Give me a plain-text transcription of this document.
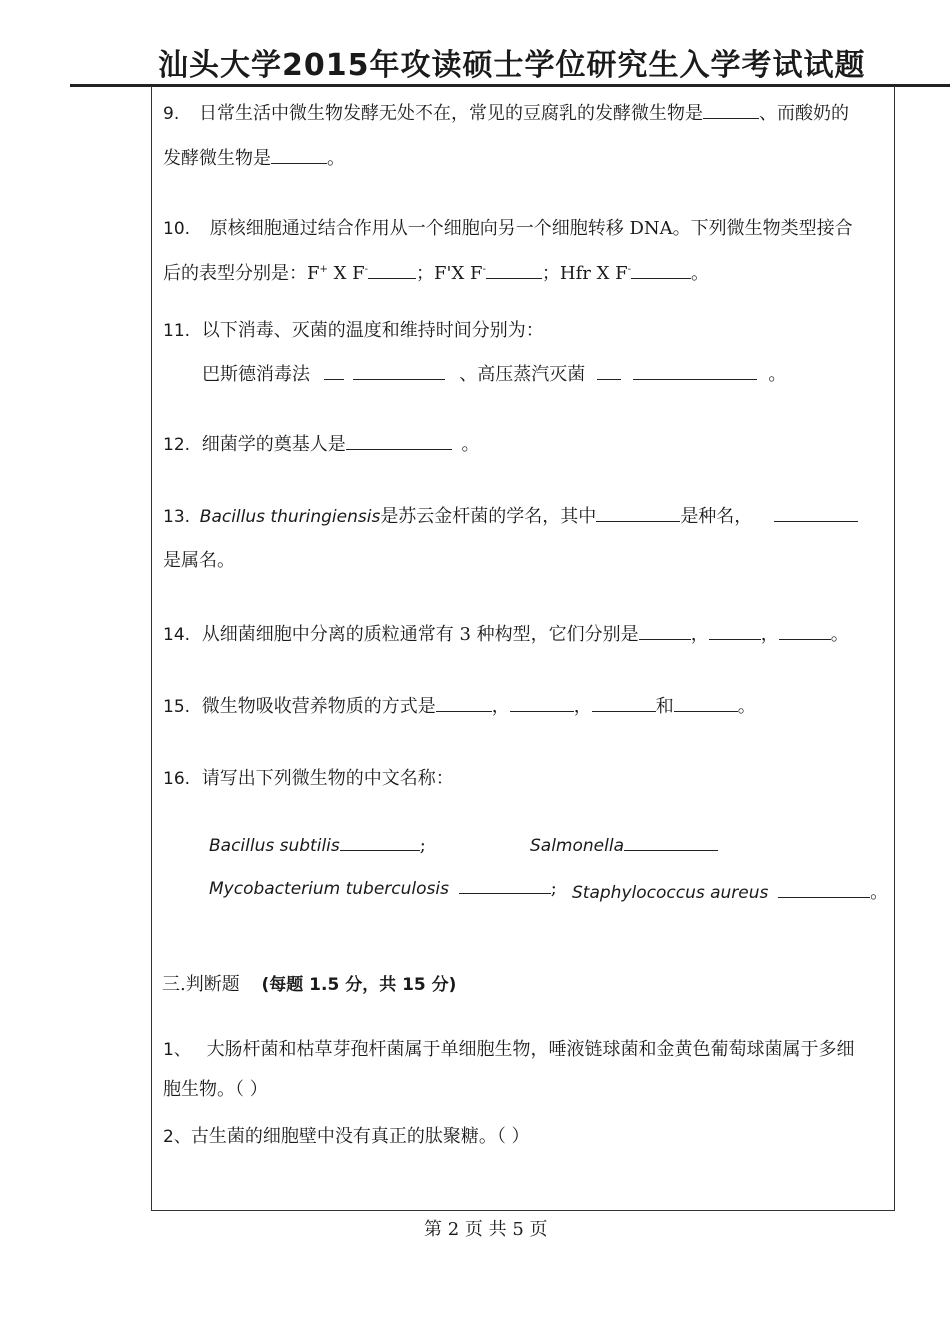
汕头大学2015年攻读硕士学位研究生入学考试试题
9. 日常生活中微生物发酵无处不在，常见的豆腐乳的发酵微生物是	、而酸奶的
发酵微生物是	。
10. 原核细胞通过结合作用从一个细胞向另一个细胞转移 DNA。下列微生物类型接合
后的表型分别是：F+ X F-	；F'X F-	；Hfr X F-	。
11. 以下消毒、灭菌的温度和维持时间分别为：
巴斯德消毒法	、高压蒸汽灭菌	。
12. 细菌学的奠基人是	。
13. Bacillus thuringiensis是苏云金杆菌的学名，其中	是种名，
是属名。
14. 从细菌细胞中分离的质粒通常有 3 种构型，它们分别是	，	，	。
15. 微生物吸收营养物质的方式是	，	，	和	。
16. 请写出下列微生物的中文名称：
Bacillus subtilis	;	Salmonella
Mycobacterium tuberculosis	; Staphylococcus aureus	。
三.判断题 (每题 1.5 分，共 15 分)
1、 大肠杆菌和枯草芽孢杆菌属于单细胞生物，唾液链球菌和金黄色葡萄球菌属于多细
胞生物。（ ）
2、古生菌的细胞壁中没有真正的肽聚糖。（ ）
第 2 页 共 5 页
